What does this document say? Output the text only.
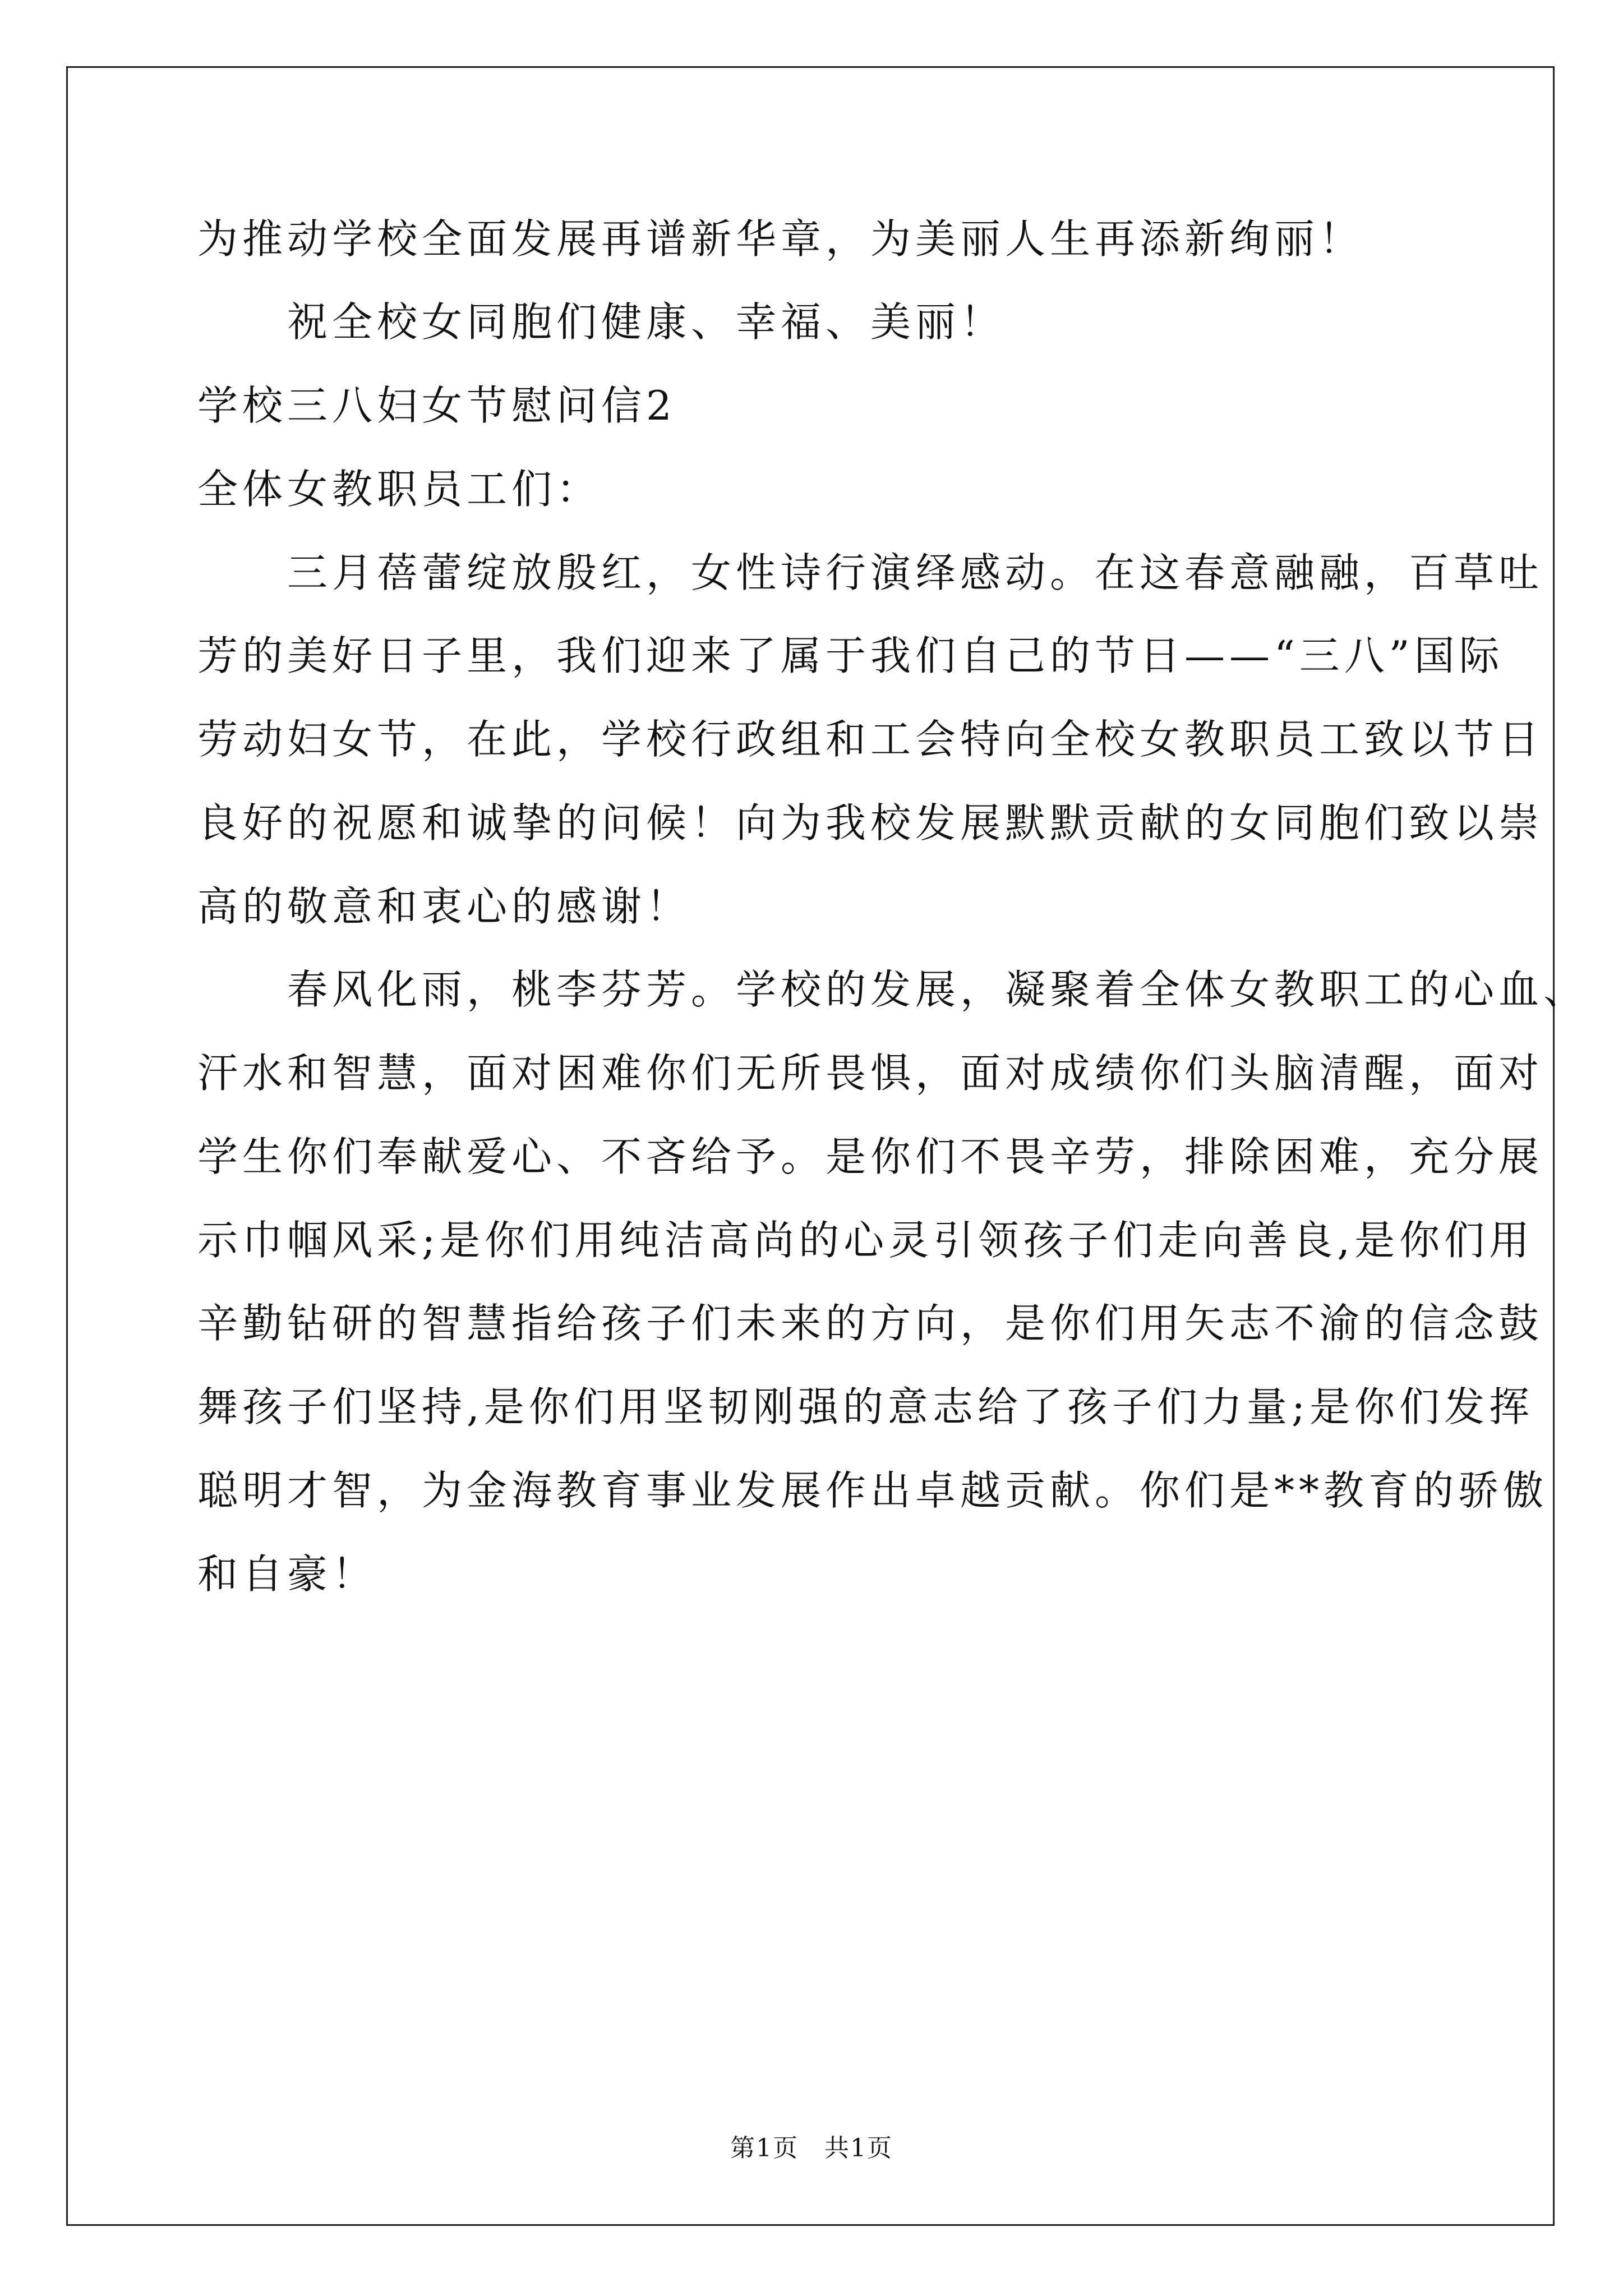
为推动学校全面发展再谱新华章，为美丽人生再添新绚丽！
　　祝全校女同胞们健康、幸福、美丽！
学校三八妇女节慰问信2
全体女教职员工们：
　　三月蓓蕾绽放殷红，女性诗行演绎感动。在这春意融融，百草吐
芳的美好日子里，我们迎来了属于我们自己的节日——“三八”国际
劳动妇女节，在此，学校行政组和工会特向全校女教职员工致以节日
良好的祝愿和诚挚的问候！向为我校发展默默贡献的女同胞们致以崇
高的敬意和衷心的感谢！
　　春风化雨，桃李芬芳。学校的发展，凝聚着全体女教职工的心血、
汗水和智慧，面对困难你们无所畏惧，面对成绩你们头脑清醒，面对
学生你们奉献爱心、不吝给予。是你们不畏辛劳，排除困难，充分展
示巾帼风采;是你们用纯洁高尚的心灵引领孩子们走向善良,是你们用
辛勤钻研的智慧指给孩子们未来的方向，是你们用矢志不渝的信念鼓
舞孩子们坚持,是你们用坚韧刚强的意志给了孩子们力量;是你们发挥
聪明才智，为金海教育事业发展作出卓越贡献。你们是**教育的骄傲
和自豪！
第1页　共1页
